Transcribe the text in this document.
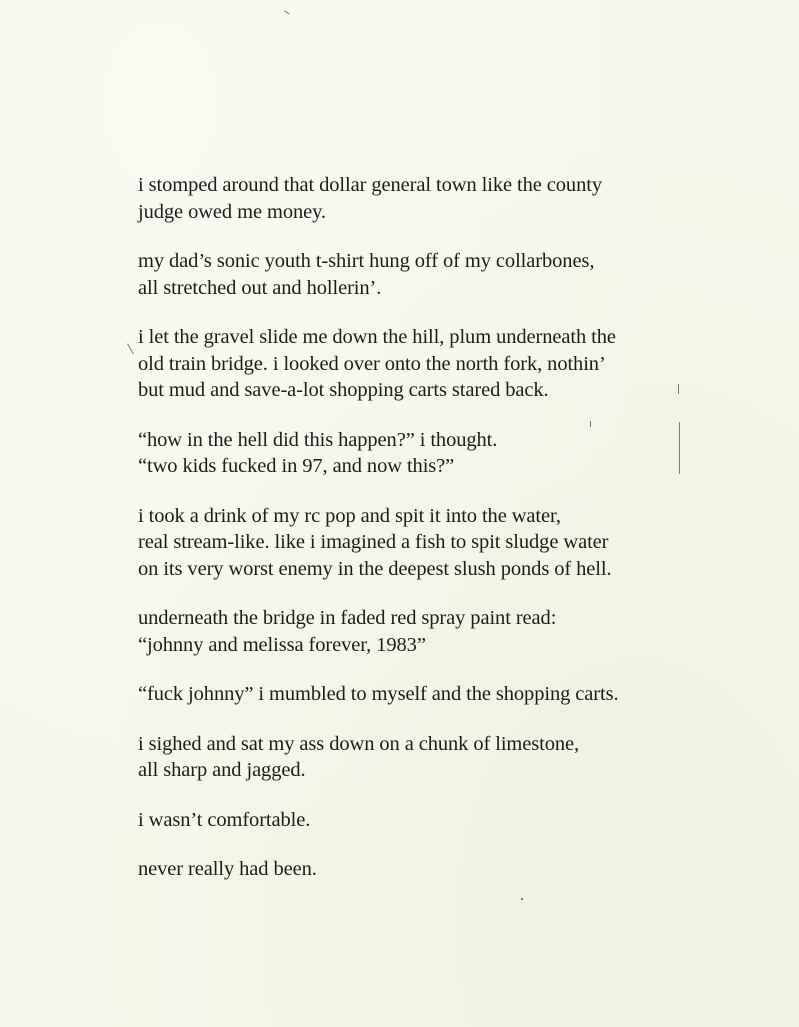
i stomped around that dollar general town like the county
judge owed me money.

my dad’s sonic youth t-shirt hung off of my collarbones,
all stretched out and hollerin’.

i let the gravel slide me down the hill, plum underneath the
old train bridge. i looked over onto the north fork, nothin’
but mud and save-a-lot shopping carts stared back.

“how in the hell did this happen?” i thought.
“two kids fucked in 97, and now this?”

i took a drink of my rc pop and spit it into the water,
real stream-like. like i imagined a fish to spit sludge water
on its very worst enemy in the deepest slush ponds of hell.

underneath the bridge in faded red spray paint read:
“johnny and melissa forever, 1983”

“fuck johnny” i mumbled to myself and the shopping carts.

i sighed and sat my ass down on a chunk of limestone,
all sharp and jagged.

i wasn’t comfortable.

never really had been.
